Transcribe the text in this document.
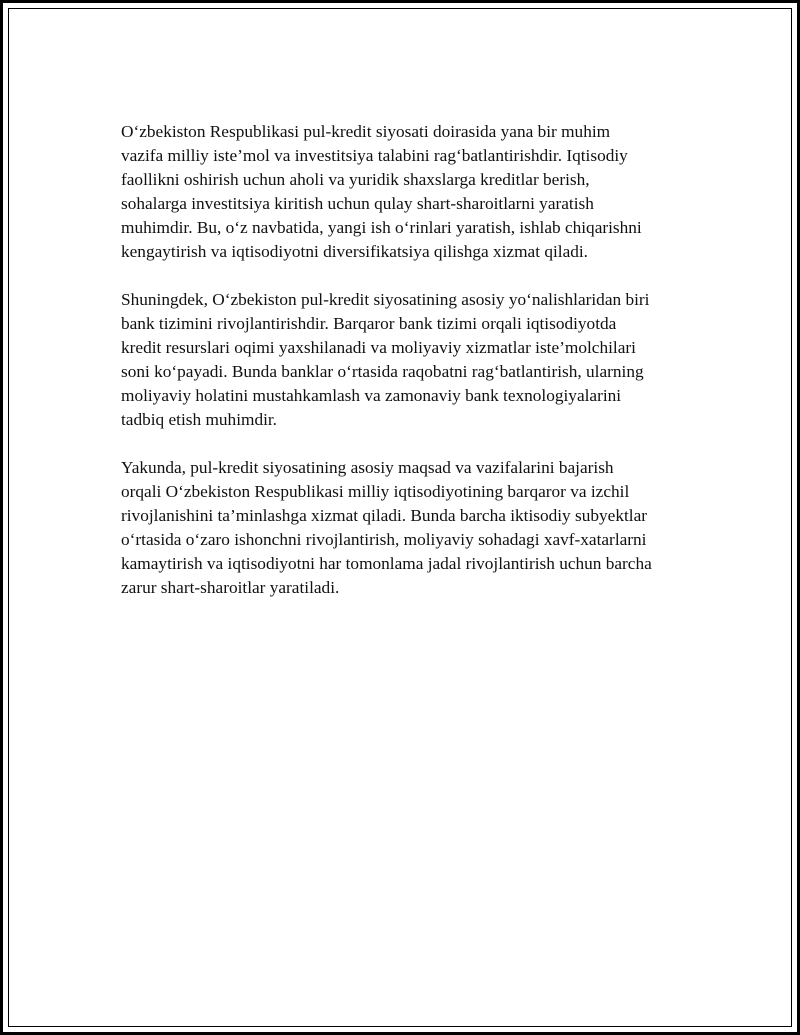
O‘zbekiston Respublikasi pul-kredit siyosati doirasida yana bir muhim
vazifa milliy iste’mol va investitsiya talabini rag‘batlantirishdir. Iqtisodiy
faollikni oshirish uchun aholi va yuridik shaxslarga kreditlar berish,
sohalarga investitsiya kiritish uchun qulay shart-sharoitlarni yaratish
muhimdir. Bu, o‘z navbatida, yangi ish o‘rinlari yaratish, ishlab chiqarishni
kengaytirish va iqtisodiyotni diversifikatsiya qilishga xizmat qiladi.

Shuningdek, O‘zbekiston pul-kredit siyosatining asosiy yo‘nalishlaridan biri
bank tizimini rivojlantirishdir. Barqaror bank tizimi orqali iqtisodiyotda
kredit resurslari oqimi yaxshilanadi va moliyaviy xizmatlar iste’molchilari
soni ko‘payadi. Bunda banklar o‘rtasida raqobatni rag‘batlantirish, ularning
moliyaviy holatini mustahkamlash va zamonaviy bank texnologiyalarini
tadbiq etish muhimdir.

Yakunda, pul-kredit siyosatining asosiy maqsad va vazifalarini bajarish
orqali O‘zbekiston Respublikasi milliy iqtisodiyotining barqaror va izchil
rivojlanishini ta’minlashga xizmat qiladi. Bunda barcha iktisodiy subyektlar
o‘rtasida o‘zaro ishonchni rivojlantirish, moliyaviy sohadagi xavf-xatarlarni
kamaytirish va iqtisodiyotni har tomonlama jadal rivojlantirish uchun barcha
zarur shart-sharoitlar yaratiladi.
